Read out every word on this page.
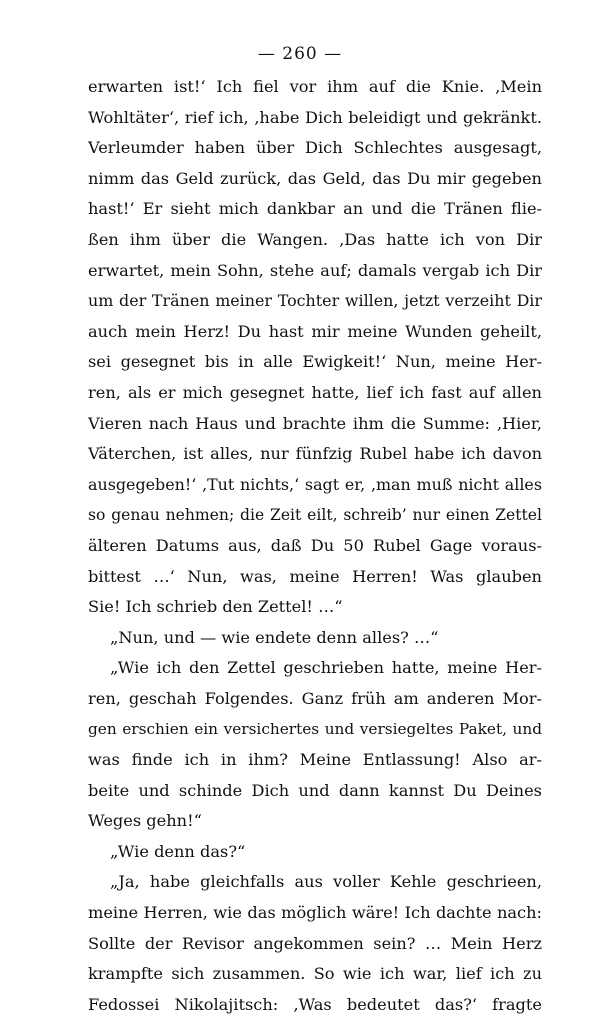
— 260 —
erwarten ist!‘ Ich fiel vor ihm auf die Knie. ‚Mein
Wohltäter‘, rief ich, ‚habe Dich beleidigt und gekränkt.
Verleumder haben über Dich Schlechtes ausgesagt,
nimm das Geld zurück, das Geld, das Du mir gegeben
hast!‘ Er sieht mich dankbar an und die Tränen flie-
ßen ihm über die Wangen. ‚Das hatte ich von Dir
erwartet, mein Sohn, stehe auf; damals vergab ich Dir
um der Tränen meiner Tochter willen, jetzt verzeiht Dir
auch mein Herz! Du hast mir meine Wunden geheilt,
sei gesegnet bis in alle Ewigkeit!‘ Nun, meine Her-
ren, als er mich gesegnet hatte, lief ich fast auf allen
Vieren nach Haus und brachte ihm die Summe: ‚Hier,
Väterchen, ist alles, nur fünfzig Rubel habe ich davon
ausgegeben!‘ ‚Tut nichts,‘ sagt er, ‚man muß nicht alles
so genau nehmen; die Zeit eilt, schreib’ nur einen Zettel
älteren Datums aus, daß Du 50 Rubel Gage voraus-
bittest …‘ Nun, was, meine Herren! Was glauben
Sie! Ich schrieb den Zettel! …“
„Nun, und — wie endete denn alles? …“
„Wie ich den Zettel geschrieben hatte, meine Her-
ren, geschah Folgendes. Ganz früh am anderen Mor-
gen erschien ein versichertes und versiegeltes Paket, und
was finde ich in ihm? Meine Entlassung! Also ar-
beite und schinde Dich und dann kannst Du Deines
Weges gehn!“
„Wie denn das?“
„Ja, habe gleichfalls aus voller Kehle geschrieen,
meine Herren, wie das möglich wäre! Ich dachte nach:
Sollte der Revisor angekommen sein? … Mein Herz
krampfte sich zusammen. So wie ich war, lief ich zu
Fedossei Nikolajitsch: ‚Was bedeutet das?‘ fragte
